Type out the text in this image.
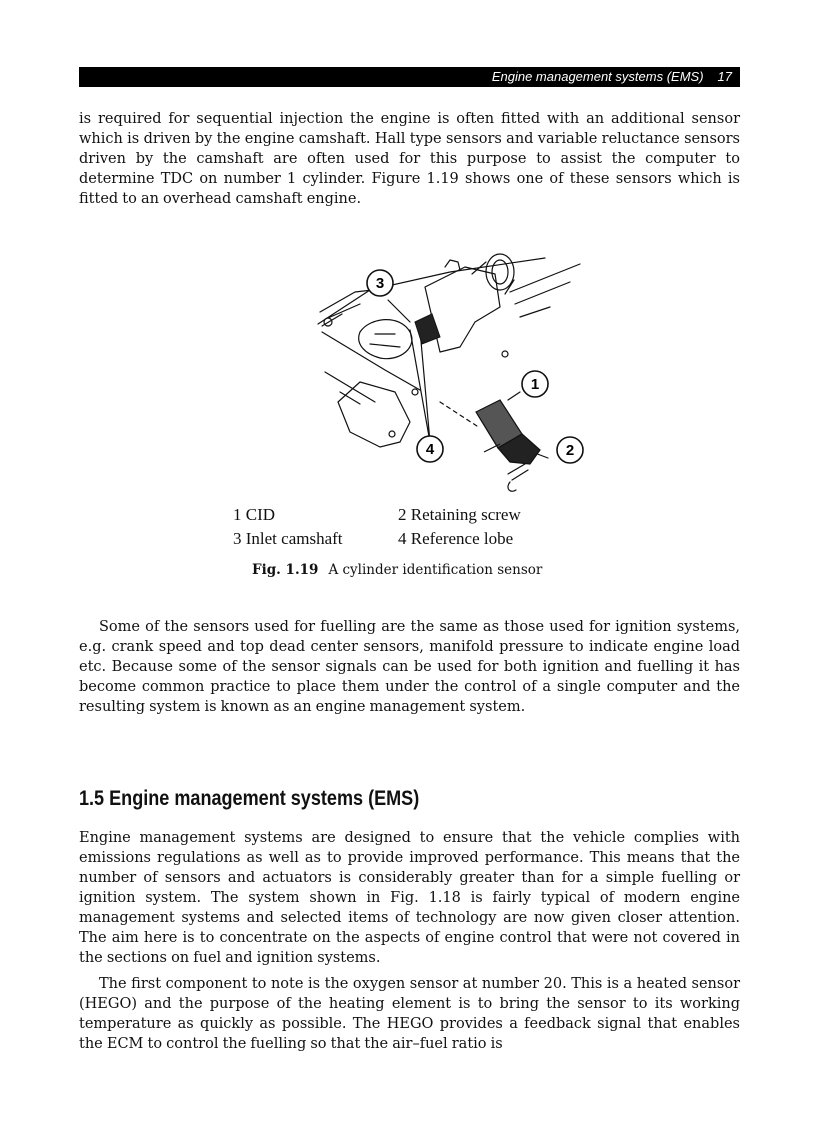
Engine management systems (EMS) 17

is required for sequential injection the engine is often fitted with an additional sensor which is driven by the engine camshaft. Hall type sensors and variable reluctance sensors driven by the camshaft are often used for this purpose to assist the computer to determine TDC on number 1 cylinder. Figure 1.19 shows one of these sensors which is fitted to an overhead camshaft engine.

3
1
4	2
1 CID	2 Retaining screw
3 Inlet camshaft	4 Reference lobe
Fig. 1.19 A cylinder identification sensor

Some of the sensors used for fuelling are the same as those used for ignition systems, e.g. crank speed and top dead center sensors, manifold pressure to indicate engine load etc. Because some of the sensor signals can be used for both ignition and fuelling it has become common practice to place them under the control of a single computer and the resulting system is known as an engine management system.

1.5 Engine management systems (EMS)

Engine management systems are designed to ensure that the vehicle complies with emissions regulations as well as to provide improved performance. This means that the number of sensors and actuators is considerably greater than for a simple fuelling or ignition system. The system shown in Fig. 1.18 is fairly typical of modern engine management systems and selected items of technology are now given closer attention. The aim here is to concentrate on the aspects of engine control that were not covered in the sections on fuel and ignition systems.

The first component to note is the oxygen sensor at number 20. This is a heated sensor (HEGO) and the purpose of the heating element is to bring the sensor to its working temperature as quickly as possible. The HEGO provides a feedback signal that enables the ECM to control the fuelling so that the air–fuel ratio is
